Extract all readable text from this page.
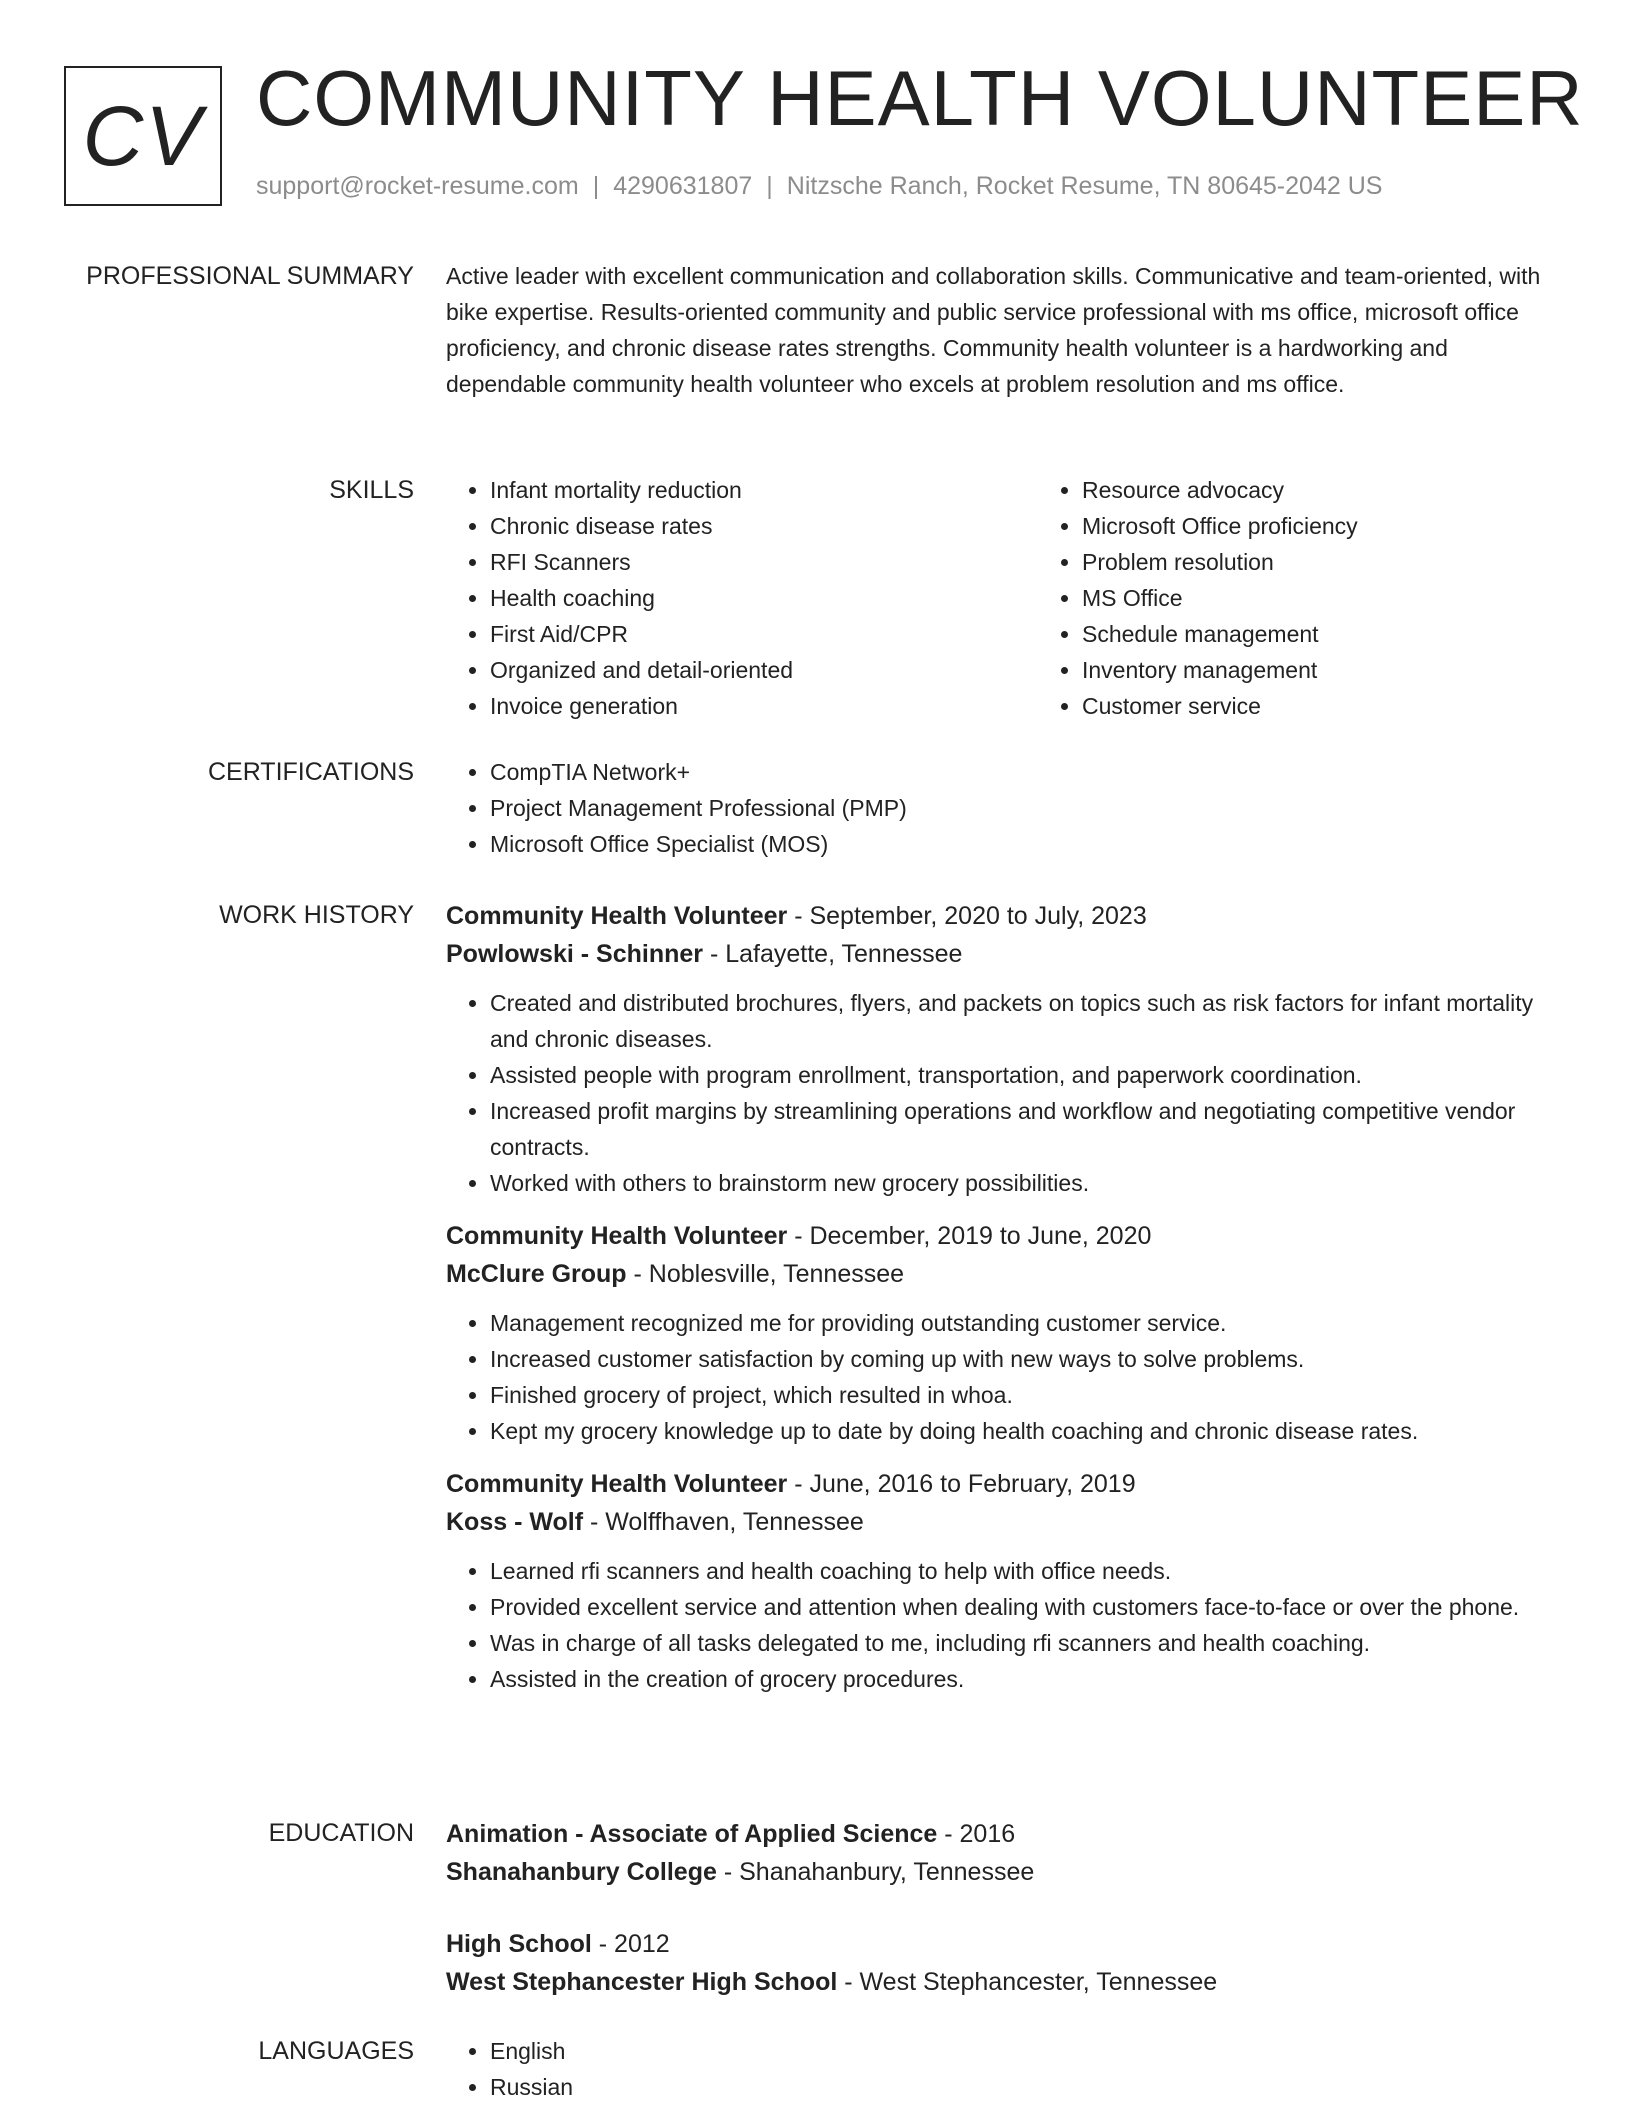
CV COMMUNITY HEALTH VOLUNTEER
support@rocket-resume.com | 4290631807 | Nitzsche Ranch, Rocket Resume, TN 80645-2042 US
PROFESSIONAL SUMMARY Active leader with excellent communication and collaboration skills. Communicative and team-oriented, with bike expertise. Results-oriented community and public service professional with ms office, microsoft office proficiency, and chronic disease rates strengths. Community health volunteer is a hardworking and dependable community health volunteer who excels at problem resolution and ms office.

SKILLS	• Infant mortality reduction
• Chronic disease rates
• RFI Scanners
• Health coaching
• First Aid/CPR
• Organized and detail-oriented
• Invoice generation
• Resource advocacy
• Microsoft Office proficiency
• Problem resolution
• MS Office
• Schedule management
• Inventory management
• Customer service
CERTIFICATIONS	• CompTIA Network+
• Project Management Professional (PMP)
• Microsoft Office Specialist (MOS)
WORK HISTORY Community Health Volunteer - September, 2020 to July, 2023
Powlowski - Schinner - Lafayette, Tennessee
• Created and distributed brochures, flyers, and packets on topics such as risk factors for infant mortality and chronic diseases.
• Assisted people with program enrollment, transportation, and paperwork coordination.
• Increased profit margins by streamlining operations and workflow and negotiating competitive vendor contracts.
• Worked with others to brainstorm new grocery possibilities.
Community Health Volunteer - December, 2019 to June, 2020
McClure Group - Noblesville, Tennessee
• Management recognized me for providing outstanding customer service.
• Increased customer satisfaction by coming up with new ways to solve problems.
• Finished grocery of project, which resulted in whoa.
• Kept my grocery knowledge up to date by doing health coaching and chronic disease rates.
Community Health Volunteer - June, 2016 to February, 2019
Koss - Wolf - Wolffhaven, Tennessee
• Learned rfi scanners and health coaching to help with office needs.
• Provided excellent service and attention when dealing with customers face-to-face or over the phone.
• Was in charge of all tasks delegated to me, including rfi scanners and health coaching.
• Assisted in the creation of grocery procedures.
EDUCATION Animation - Associate of Applied Science - 2016
Shanahanbury College - Shanahanbury, Tennessee
High School - 2012
West Stephancester High School - West Stephancester, Tennessee
LANGUAGES	• English
• Russian
